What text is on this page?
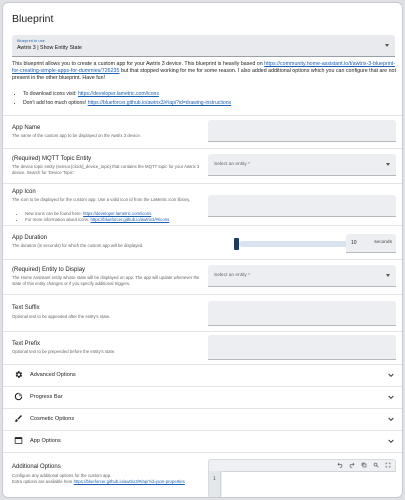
Blueprint
Blueprint to use
Awtrix 3 | Show Entity State
This blueprint allows you to create a custom app for your Awtrix 3 device. This blueprint is heavily based on https://community.home-assistant.io/t/awtrix-3-blueprint-for-creating-simple-apps-for-dummies/726235 but that stopped working for me for some reason. I also added additional options which you can configure that are not present in the other blueprint. Have fun!
• To download icons visit: https://developer.lametric.com/icons
• Don't add too much options! https://blueforcer.github.io/awtrix3/#/api?id=drawing-instructions
App Name
The name of the custom app to be displayed on the Awtrix 3 device.
(Required) MQTT Topic Entity
The device topic entity (sensor.[clock]_device_topic) that contains the MQTT topic for your Awtrix 3 device. Search for 'Device Topic'.
Select an entity *
App Icon
The icon to be displayed for the custom app. Use a valid icon id from the LaMetric icon library.
• New icons can be found here: https://developer.lametric.com/icons
• For more information about icons: https://blueforcer.github.io/awtrix3/#/icons
App Duration
The duration (in seconds) for which the custom app will be displayed.	10	seconds
(Required) Entity to Display
The Home Assistant entity whose state will be displayed on app. The app will update whenever the state of this entity changes or if you specify additional triggers.
Select an entity *
Text Suffix
Optional text to be appended after the entity's state.
Text Prefix
Optional text to be prepended before the entity's state.
Advanced Options
Progress Bar
Cosmetic Options
App Options
Additional Options
Configure any additional options for the custom app.
Extra options are available here https://blueforcer.github.io/awtrix3/#/api?id=json-properties	1
